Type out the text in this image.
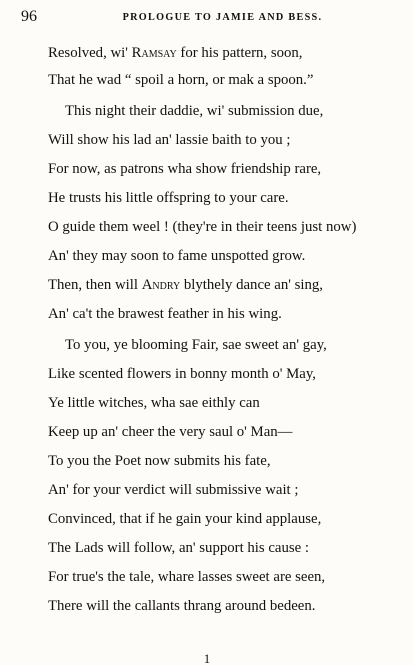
96	PROLOGUE TO JAMIE AND BESS.
Resolved, wi' Ramsay for his pattern, soon,
That he wad “ spoil a horn, or mak a spoon.”
This night their daddie, wi' submission due,
Will show his lad an' lassie baith to you ;
For now, as patrons wha show friendship rare,
He trusts his little offspring to your care.
O guide them weel ! (they're in their teens just now)
An' they may soon to fame unspotted grow.
Then, then will Andry blythely dance an' sing,
An' ca't the brawest feather in his wing.
To you, ye blooming Fair, sae sweet an' gay,
Like scented flowers in bonny month o' May,
Ye little witches, wha sae eithly can
Keep up an' cheer the very saul o' Man—
To you the Poet now submits his fate,
An' for your verdict will submissive wait ;
Convinced, that if he gain your kind applause,
The Lads will follow, an' support his cause :
For true's the tale, whare lasses sweet are seen,
There will the callants thrang around bedeen.
1
